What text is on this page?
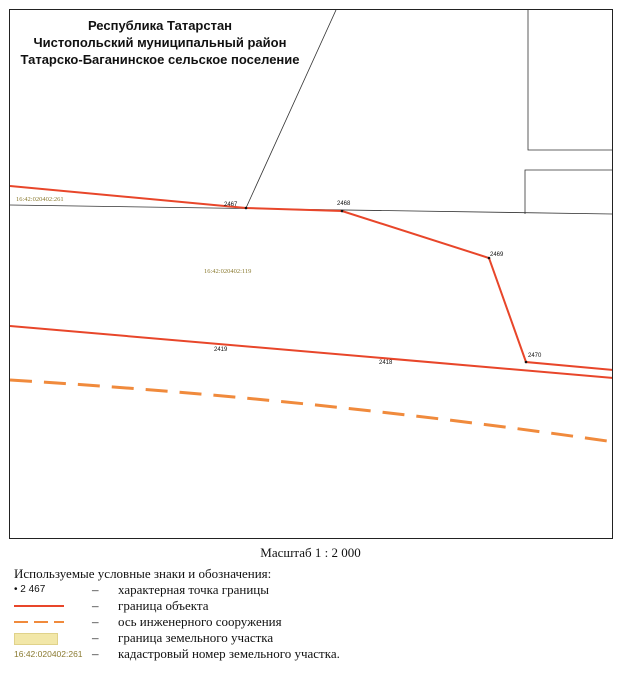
2467	2468
2469
2470
2419
2418
16:42:020402:261
16:42:020402:119
Республика Татарстан
Чистопольский муниципальный район
Татарско-Баганинское сельское поселение
Масштаб 1 : 2 000
Используемые условные знаки и обозначения:
• 2 467	– характерная точка границы
– граница объекта
– ось инженерного сооружения
– граница земельного участка
16:42:020402:261 – кадастровый номер земельного участка.
